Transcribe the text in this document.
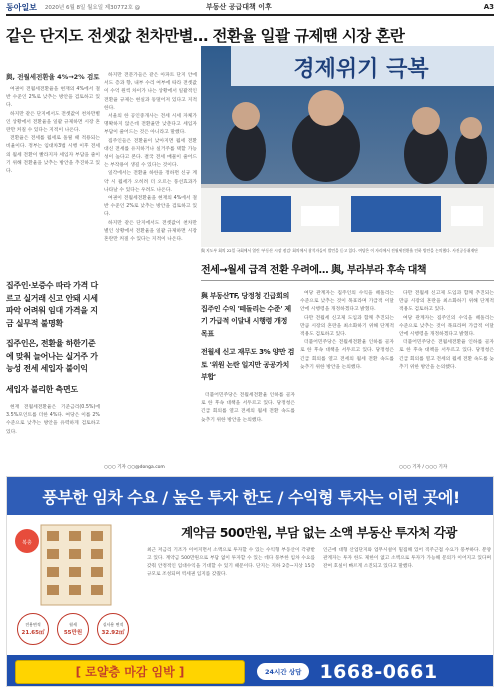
동아일보 2020년 6월 8일 월요일 제30772호 @	부동산 공급대책 이후	A3
같은 단지도 전셋값 천차만별… 전환율 일괄 규제땐 시장 혼란
與, 전월세전환율 4%→2% 검토

여권이 전월세전환율을 현재의 4%에서 절반 수준인 2%로 낮추는 방안을 검토하고 있다.

하지만 같은 단지에서도 전셋값이 천차만별인 상황에서 전환율을 일괄 규제하면 시장 혼란만 커질 수 있다는 지적이 나온다.

전환율은 전세를 월세로 돌릴 때 적용되는 비율이다. 정부는 임대차3법 시행 이후 전세의 월세 전환이 빨라지자 세입자 부담을 줄이기 위해 전환율을 낮추는 방안을 추진하고 있다.

집주인·보증수 따라 가격 다르고 실거래 신고 안돼 시세 파악 어려워 임대 가격을 지금 실무적 불명확
집주인은, 전환율 하한기준에 맞춰 늘어나는 실거주 가능성 전세 세입자 불이익
세입자 불리한 측면도

현재 전월세전환율은 기준금리(0.5%)에 3.5%포인트를 더한 4%다. 여당은 이를 2% 수준으로 낮추는 방안을 유력하게 검토하고 있다.

하지만 전문가들은 같은 아파트 단지 안에서도 층과 향, 내부 수리 여부에 따라 전셋값이 수억 원씩 차이가 나는 상황에서 일괄적인 전환율 규제는 현실과 동떨어져 있다고 지적한다.

서울의 한 공인중개사는 전세 시세 자체가 명확하지 않은데 전환율만 낮춘다고 세입자 부담이 줄어드는 것은 아니라고 말했다.

집주인들은 전환율이 낮아지면 월세 전환 대신 전세를 유지하거나 실거주를 택할 가능성이 높다고 본다. 결국 전세 매물이 줄어드는 부작용이 생길 수 있다는 것이다.

일각에서는 전환율 하한을 정하면 신규 계약 시 월세가 오히려 더 오르는 풍선효과가 나타날 수 있다는 우려도 나온다.

여권이 전월세전환율을 현재의 4%에서 절반 수준인 2%로 낮추는 방안을 검토하고 있다.

하지만 같은 단지에서도 전셋값이 천차만별인 상황에서 전환율을 일괄 규제하면 시장 혼란만 커질 수 있다는 지적이 나온다.

○○○ 기자 ○○@donga.com
경제위기 극복
與 지도부 회의 22일 국회에서 열린 '부동산 시장 점검' 회의에서 참석자들이 발언을 듣고 있다. 여당은 이 자리에서 전월세전환율 인하 방안을 논의했다. 사진공동취재단
전세→월세 급격 전환 우려에… 與, 부라부라 후속 대책
與 부동산TF, 당정청 긴급회의 집주인 수익 '떼돌리는 수준' 제기 가급적 이달내 시행령 개정 목표
전월세 신고 재무도 3% 양만 검토 '위원 논란 일지만 공공가치 부합'

더불어민주당은 전월세전환율 인하를 골자로 한 후속 대책을 서두르고 있다. 당정청은 긴급 회의를 열고 전세의 월세 전환 속도를 늦추기 위한 방안을 논의했다.

여당 관계자는 집주인의 수익을 떼돌리는 수준으로 낮추는 것이 목표라며 가급적 이달 안에 시행령을 개정하겠다고 밝혔다.

다만 전월세 신고제 도입과 함께 추진되는 만큼 시장의 혼란을 최소화하기 위해 단계적 적용도 검토하고 있다.

더불어민주당은 전월세전환율 인하를 골자로 한 후속 대책을 서두르고 있다. 당정청은 긴급 회의를 열고 전세의 월세 전환 속도를 늦추기 위한 방안을 논의했다.

다만 전월세 신고제 도입과 함께 추진되는 만큼 시장의 혼란을 최소화하기 위해 단계적 적용도 검토하고 있다.

여당 관계자는 집주인의 수익을 떼돌리는 수준으로 낮추는 것이 목표라며 가급적 이달 안에 시행령을 개정하겠다고 밝혔다.

더불어민주당은 전월세전환율 인하를 골자로 한 후속 대책을 서두르고 있다. 당정청은 긴급 회의를 열고 전세의 월세 전환 속도를 늦추기 위한 방안을 논의했다.

○○○ 기자 / ○○○ 기자
풍부한 임차 수요 / 높은 투자 한도 / 수익형 투자는 이런 곳에!
복층
전용면적
21.65㎡
월세
55만원
실사용 면적
32.92㎡
계약금 500만원, 부담 없는 소액 부동산 투자처 각광
최근 저금리 기조가 이어지면서 소액으로 투자할 수 있는 수익형 부동산이 각광받고 있다. 계약금 500만원으로 부담 없이 투자할 수 있는 데다 풍부한 임차 수요를 갖춰 안정적인 임대수익을 기대할 수 있기 때문이다. 단지는 지하 2층~지상 15층 규모로 조성되며 역세권 입지를 갖췄다.
인근에 대형 산업단지와 업무시설이 밀집해 있어 직주근접 수요가 풍부하다. 분양 관계자는 투자 한도 제한이 없고 소액으로 투자가 가능해 문의가 이어지고 있다며 잔여 호실이 빠르게 소진되고 있다고 말했다.
[ 로얄층 마감 임박 ]	24시간 상담 1668-0661
